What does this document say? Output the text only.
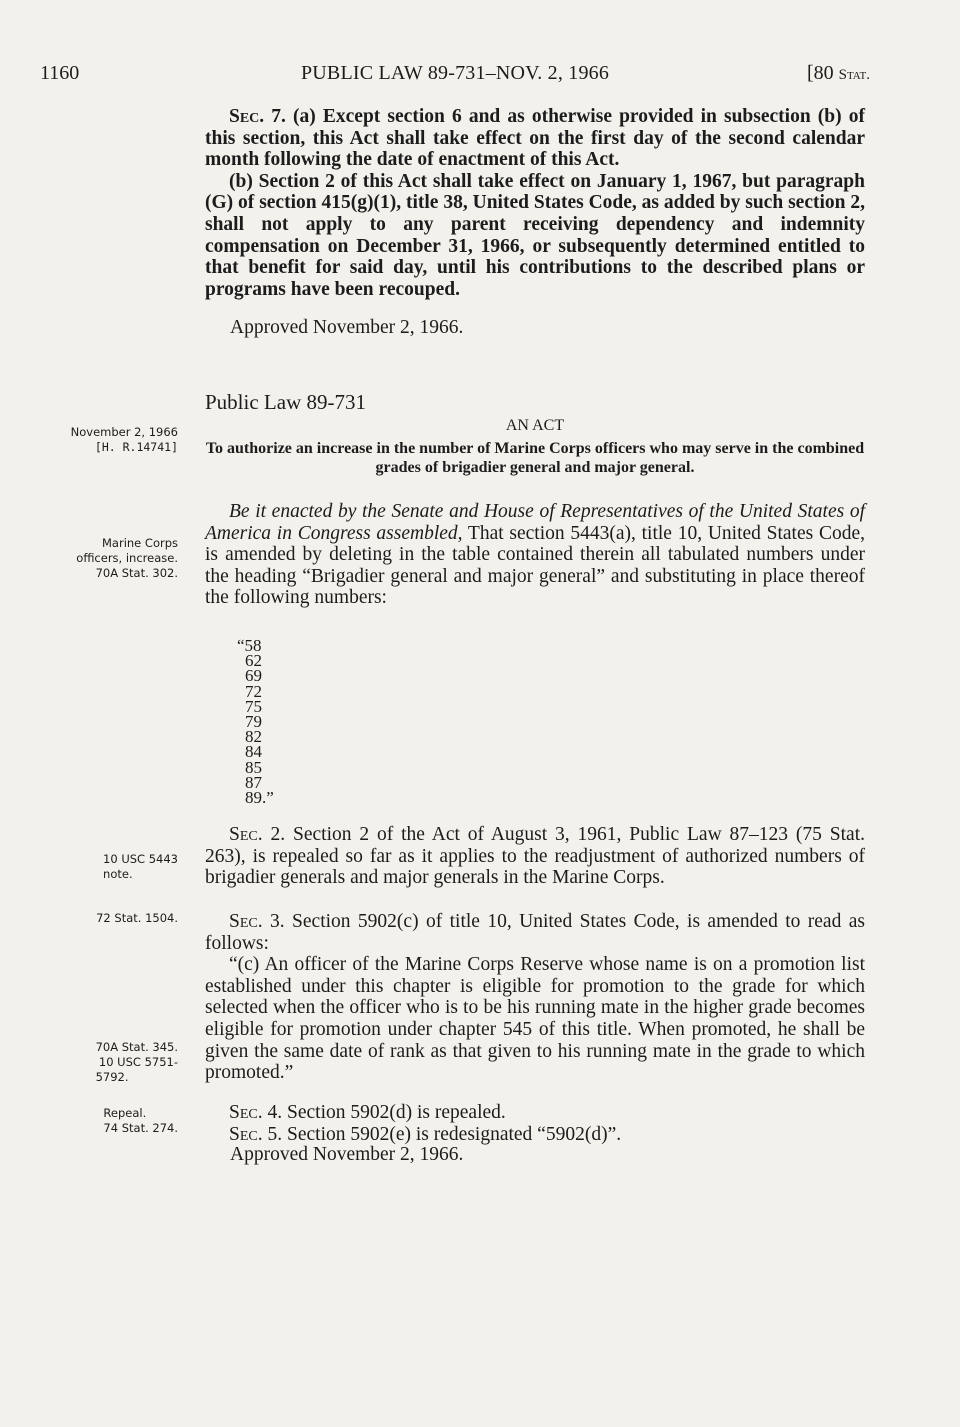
1160	PUBLIC LAW 89-731–NOV. 2, 1966	[80 Stat.

Sec. 7. (a) Except section 6 and as otherwise provided in subsection (b) of this section, this Act shall take effect on the first day of the second calendar month following the date of enactment of this Act.

(b) Section 2 of this Act shall take effect on January 1, 1967, but paragraph (G) of section 415(g)(1), title 38, United States Code, as added by such section 2, shall not apply to any parent receiving dependency and indemnity compensation on December 31, 1966, or subsequently determined entitled to that benefit for said day, until his contributions to the described plans or programs have been recouped.

Approved November 2, 1966.
Public Law 89-731
AN ACT
To authorize an increase in the number of Marine Corps officers who may serve in the combined grades of brigadier general and major general.
November 2, 1966
[H. R.14741]
Marine Corps
officers, increase.
70A Stat. 302.
10 USC 5443
note.
72 Stat. 1504.
70A Stat. 345.
10 USC 5751-
5792.
Repeal.
74 Stat. 274.

Be it enacted by the Senate and House of Representatives of the United States of America in Congress assembled, That section 5443(a), title 10, United States Code, is amended by deleting in the table contained therein all tabulated numbers under the heading “Brigadier general and major general” and substituting in place thereof the following numbers:

“58
62
69
72
75
79
82
84
85
87
89.”

Sec. 2. Section 2 of the Act of August 3, 1961, Public Law 87–123 (75 Stat. 263), is repealed so far as it applies to the readjustment of authorized numbers of brigadier generals and major generals in the Marine Corps.

Sec. 3. Section 5902(c) of title 10, United States Code, is amended to read as follows:

“(c) An officer of the Marine Corps Reserve whose name is on a promotion list established under this chapter is eligible for promotion to the grade for which selected when the officer who is to be his running mate in the higher grade becomes eligible for promotion under chapter 545 of this title. When promoted, he shall be given the same date of rank as that given to his running mate in the grade to which promoted.”

Sec. 4. Section 5902(d) is repealed.

Sec. 5. Section 5902(e) is redesignated “5902(d)”.

Approved November 2, 1966.
